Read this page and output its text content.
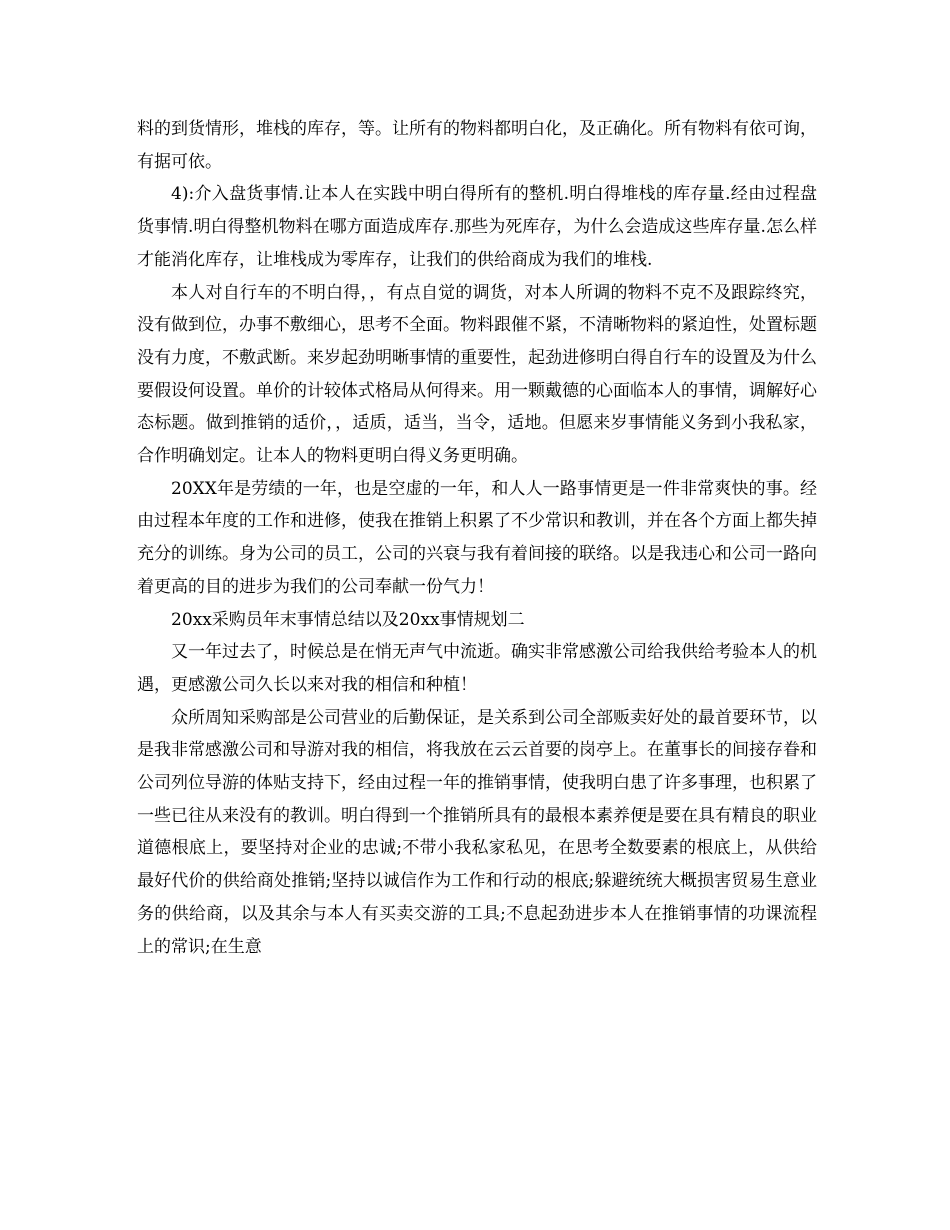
料的到货情形，堆栈的库存，等。让所有的物料都明白化，及正确化。所有物料有依可询，有据可依。

4):介入盘货事情.让本人在实践中明白得所有的整机.明白得堆栈的库存量.经由过程盘货事情.明白得整机物料在哪方面造成库存.那些为死库存，为什么会造成这些库存量.怎么样才能消化库存，让堆栈成为零库存，让我们的供给商成为我们的堆栈.

本人对自行车的不明白得，，有点自觉的调货，对本人所调的物料不克不及跟踪终究，没有做到位，办事不敷细心，思考不全面。物料跟催不紧，不清晰物料的紧迫性，处置标题没有力度，不敷武断。来岁起劲明晰事情的重要性，起劲进修明白得自行车的设置及为什么要假设何设置。单价的计较体式格局从何得来。用一颗戴德的心面临本人的事情，调解好心态标题。做到推销的适价，，适质，适当，当令，适地。但愿来岁事情能义务到小我私家，合作明确划定。让本人的物料更明白得义务更明确。

20XX年是劳绩的一年，也是空虚的一年，和人人一路事情更是一件非常爽快的事。经由过程本年度的工作和进修，使我在推销上积累了不少常识和教训，并在各个方面上都失掉充分的训练。身为公司的员工，公司的兴衰与我有着间接的联络。以是我违心和公司一路向着更高的目的进步为我们的公司奉献一份气力！

20xx采购员年末事情总结以及20xx事情规划二

又一年过去了，时候总是在悄无声气中流逝。确实非常感激公司给我供给考验本人的机遇，更感激公司久长以来对我的相信和种植！

众所周知采购部是公司营业的后勤保证，是关系到公司全部贩卖好处的最首要环节，以是我非常感激公司和导游对我的相信，将我放在云云首要的岗亭上。在董事长的间接存眷和公司列位导游的体贴支持下，经由过程一年的推销事情，使我明白患了许多事理，也积累了一些已往从来没有的教训。明白得到一个推销所具有的最根本素养便是要在具有精良的职业道德根底上，要坚持对企业的忠诚;不带小我私家私见，在思考全数要素的根底上，从供给最好代价的供给商处推销;坚持以诚信作为工作和行动的根底;躲避统统大概损害贸易生意业务的供给商，以及其余与本人有买卖交游的工具;不息起劲进步本人在推销事情的功课流程上的常识;在生意
